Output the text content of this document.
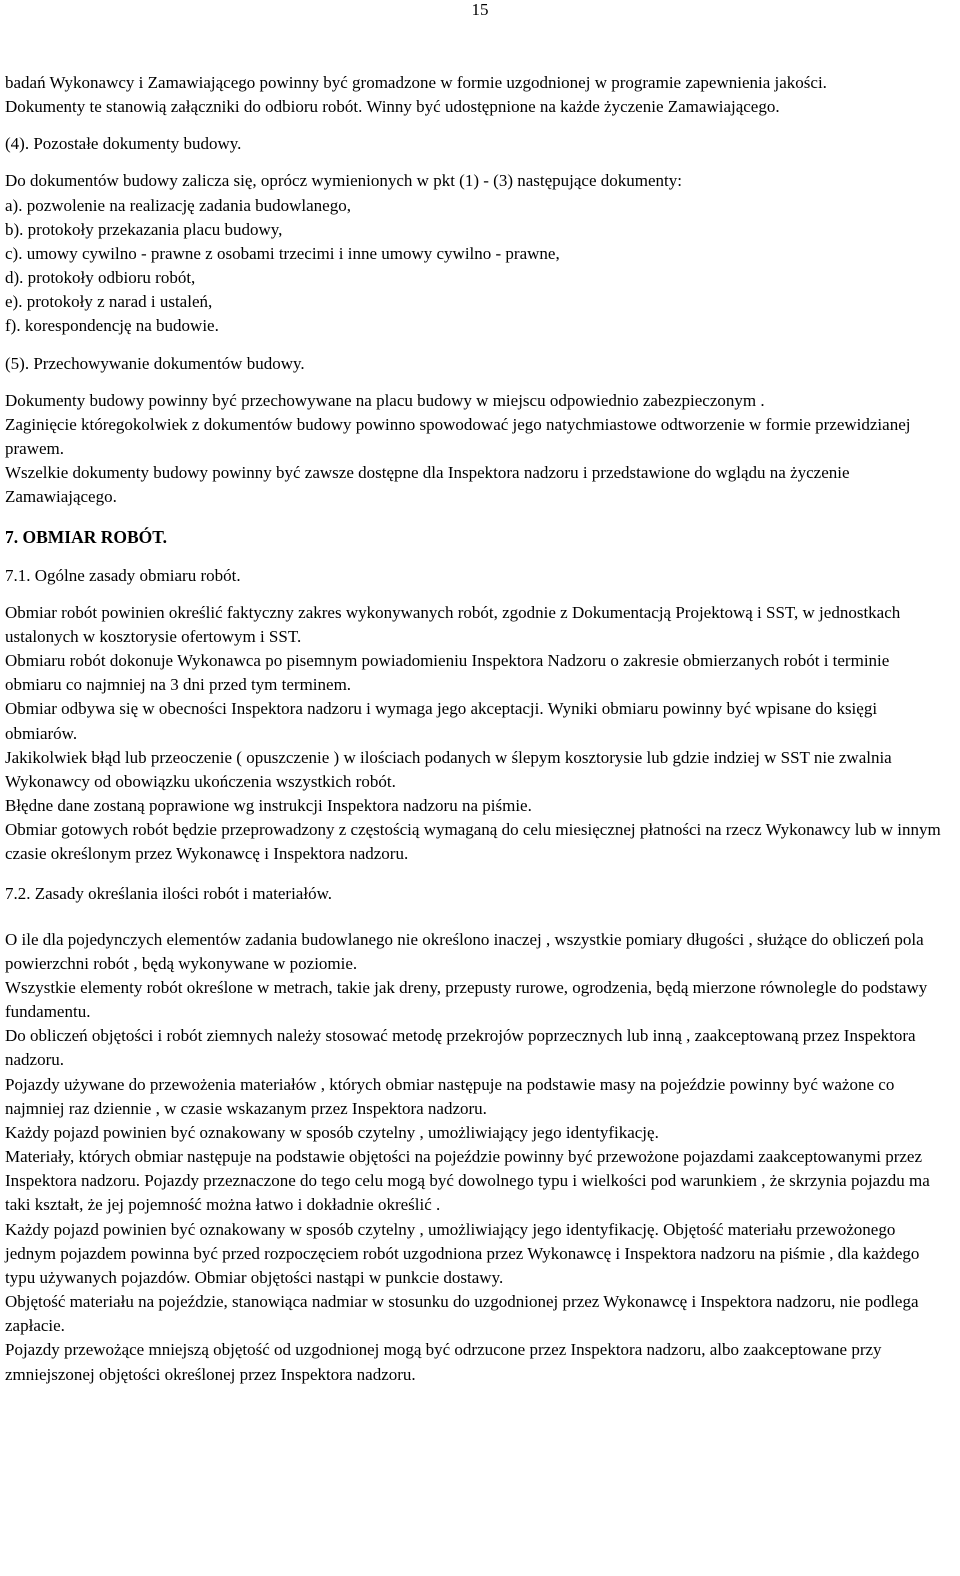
15

badań Wykonawcy i Zamawiającego powinny być gromadzone w formie uzgodnionej w programie zapewnienia jakości.

Dokumenty te stanowią załączniki do odbioru robót. Winny być udostępnione na każde życzenie Zamawiającego.

(4). Pozostałe dokumenty budowy.

Do dokumentów budowy zalicza się, oprócz wymienionych w pkt (1) - (3) następujące dokumenty:

a). pozwolenie na realizację zadania budowlanego,

b). protokoły przekazania placu budowy,

c). umowy cywilno - prawne z osobami trzecimi i inne umowy cywilno - prawne,

d). protokoły odbioru robót,

e). protokoły z narad i ustaleń,

f). korespondencję na budowie.

(5). Przechowywanie dokumentów budowy.

Dokumenty budowy powinny być przechowywane na placu budowy w miejscu odpowiednio zabezpieczonym .

Zaginięcie któregokolwiek z dokumentów budowy powinno spowodować jego natychmiastowe odtworzenie w formie przewidzianej prawem.

Wszelkie dokumenty budowy powinny być zawsze dostępne dla Inspektora nadzoru i przedstawione do wglądu na życzenie Zamawiającego.

7. OBMIAR ROBÓT.

7.1. Ogólne zasady obmiaru robót.

Obmiar robót powinien określić faktyczny zakres wykonywanych robót, zgodnie z Dokumentacją Projektową i SST, w jednostkach ustalonych w kosztorysie ofertowym i SST.

Obmiaru robót dokonuje Wykonawca po pisemnym powiadomieniu Inspektora Nadzoru o zakresie obmierzanych robót i terminie obmiaru co najmniej na 3 dni przed tym terminem.

Obmiar odbywa się w obecności Inspektora nadzoru i wymaga jego akceptacji. Wyniki obmiaru powinny być wpisane do księgi obmiarów.

Jakikolwiek błąd lub przeoczenie ( opuszczenie ) w ilościach podanych w ślepym kosztorysie lub gdzie indziej w SST nie zwalnia Wykonawcy od obowiązku ukończenia wszystkich robót.

Błędne dane zostaną poprawione wg instrukcji Inspektora nadzoru na piśmie.

Obmiar gotowych robót będzie przeprowadzony z częstością wymaganą do celu miesięcznej płatności na rzecz Wykonawcy lub w innym czasie określonym przez Wykonawcę i Inspektora nadzoru.

7.2. Zasady określania ilości robót i materiałów.

O ile dla pojedynczych elementów zadania budowlanego nie określono inaczej , wszystkie pomiary długości , służące do obliczeń pola powierzchni robót , będą wykonywane w poziomie.

Wszystkie elementy robót określone w metrach, takie jak dreny, przepusty rurowe, ogrodzenia, będą mierzone równolegle do podstawy fundamentu.

Do obliczeń objętości i robót ziemnych należy stosować metodę przekrojów poprzecznych lub inną , zaakceptowaną przez Inspektora nadzoru.

Pojazdy używane do przewożenia materiałów , których obmiar następuje na podstawie masy na pojeździe powinny być ważone co najmniej raz dziennie , w czasie wskazanym przez Inspektora nadzoru.

Każdy pojazd powinien być oznakowany w sposób czytelny , umożliwiający jego identyfikację.

Materiały, których obmiar następuje na podstawie objętości na pojeździe powinny być przewożone pojazdami zaakceptowanymi przez Inspektora nadzoru. Pojazdy przeznaczone do tego celu mogą być dowolnego typu i wielkości pod warunkiem , że skrzynia pojazdu ma taki kształt, że jej pojemność można łatwo i dokładnie określić .

Każdy pojazd powinien być oznakowany w sposób czytelny , umożliwiający jego identyfikację. Objętość materiału przewożonego jednym pojazdem powinna być przed rozpoczęciem robót uzgodniona przez Wykonawcę i Inspektora nadzoru na piśmie , dla każdego typu używanych pojazdów. Obmiar objętości nastąpi w punkcie dostawy.

Objętość materiału na pojeździe, stanowiąca nadmiar w stosunku do uzgodnionej przez Wykonawcę i Inspektora nadzoru, nie podlega zapłacie.

Pojazdy przewożące mniejszą objętość od uzgodnionej mogą być odrzucone przez Inspektora nadzoru, albo zaakceptowane przy zmniejszonej objętości określonej przez Inspektora nadzoru.
